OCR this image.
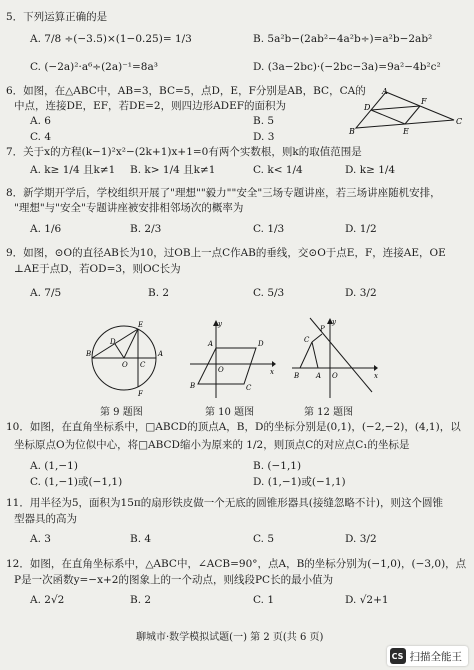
5．下列运算正确的是
A. 7/8 ÷(−3.5)×(1−0.25)= 1/3	B. 5a²b−(2ab²−4a²b÷)=a²b−2ab²
C. (−2a)²·a⁶÷(2a)⁻¹=8a³	D. (3a−2bc)·(−2bc−3a)=9a²−4b²c²
6．如图，在△ABC中，AB=3，BC=5，点D，E，F分别是AB，BC，CA的
中点，连接DE，EF，若DE=2，则四边形ADEF的面积为
A. 6	B. 5
C. 4	D. 3
A
B
C
D
E
F
7．关于x的方程(k−1)²x²−(2k+1)x+1=0有两个实数根，则k的取值范围是
A. k≥ 1/4 且k≠1 B. k> 1/4 且k≠1	C. k< 1/4	D. k≥ 1/4
8．新学期开学后，学校组织开展了"理想""毅力""安全"三场专题讲座，若三场讲座随机安排，
"理想"与"安全"专题讲座被安排相邻场次的概率为
A. 1/6	B. 2/3	C. 1/3	D. 1/2
9．如图，⊙O的直径AB长为10，过OB上一点C作AB的垂线，交⊙O于点E，F，连接AE，OE
⊥AE于点D，若OD=3，则OC长为
A. 7/5	B. 2	C. 5/3	D. 3/2
B	A
E
F
O C
D
第 9 题图
y
x
A	D
B	C
O
第 10 题图
y
x
P
C
B A O
第 12 题图
10．如图，在直角坐标系中，□ABCD的顶点A，B，D的坐标分别是(0,1)，(−2,−2)，(4,1)，以
坐标原点O为位似中心，将□ABCD缩小为原来的 1/2，则顶点C的对应点C₁的坐标是
A. (1,−1)	B. (−1,1)
C. (1,−1)或(−1,1)	D. (1,−1)或(−1,1)
11．用半径为5，面积为15π的扇形铁皮做一个无底的圆锥形器具(接缝忽略不计)，则这个圆锥
型器具的高为
A. 3	B. 4	C. 5	D. 3/2
12．如图，在直角坐标系中，△ABC中，∠ACB=90°，点A，B的坐标分别为(−1,0)，(−3,0)，点
P是一次函数y=−x+2的图象上的一个动点，则线段PC长的最小值为
A. 2√2	B. 2	C. 1	D. √2+1
聊城市·数学模拟试题(一) 第 2 页(共 6 页)
CS 扫描全能王
